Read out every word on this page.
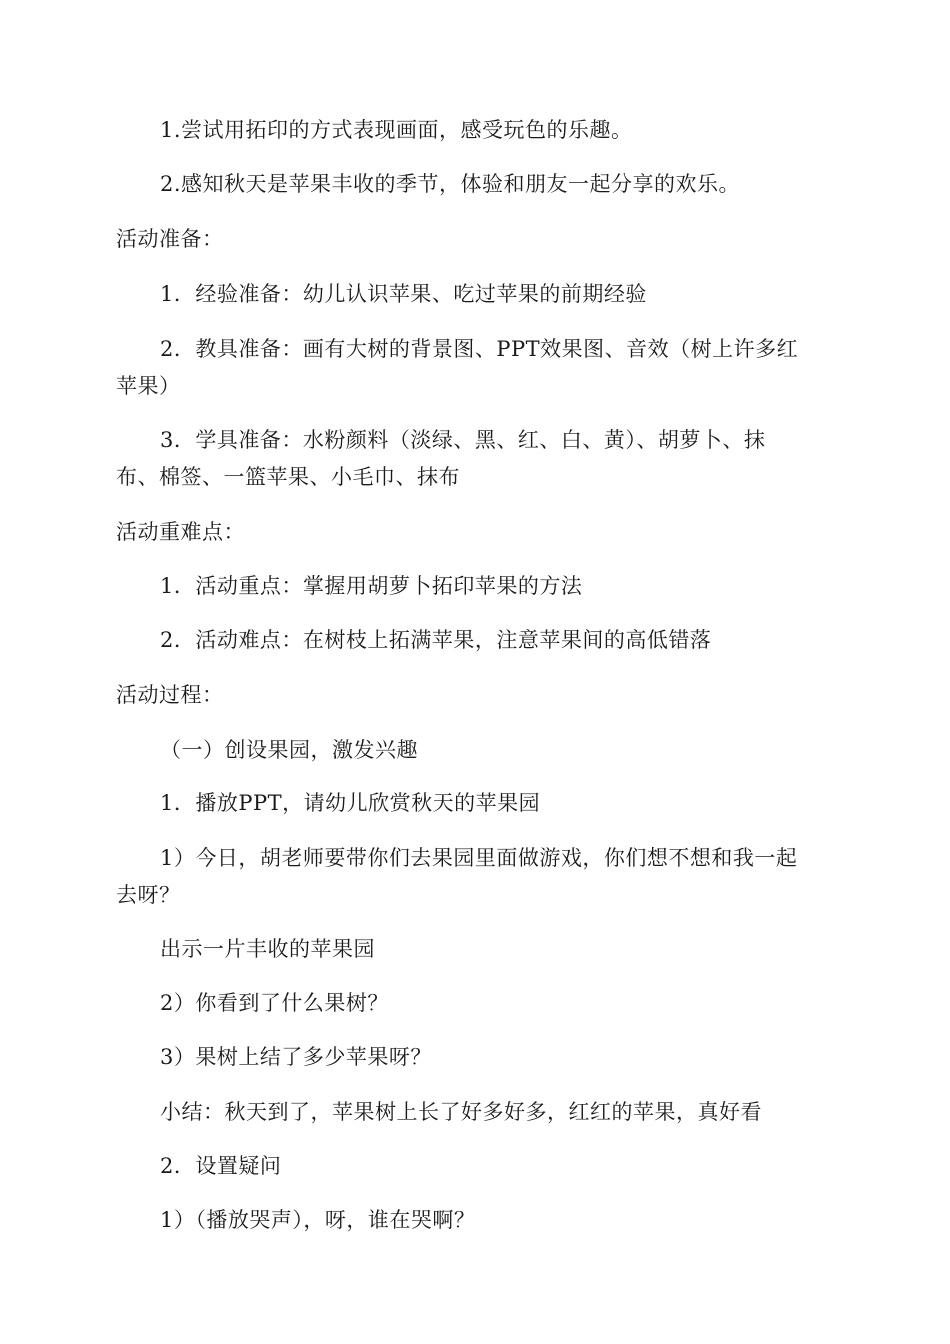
1.尝试用拓印的方式表现画面，感受玩色的乐趣。
2.感知秋天是苹果丰收的季节，体验和朋友一起分享的欢乐。
活动准备：
1．经验准备：幼儿认识苹果、吃过苹果的前期经验
2．教具准备：画有大树的背景图、PPT效果图、音效（树上许多红
苹果）
3．学具准备：水粉颜料（淡绿、黑、红、白、黄）、胡萝卜、抹
布、棉签、一篮苹果、小毛巾、抹布
活动重难点：
1．活动重点：掌握用胡萝卜拓印苹果的方法
2．活动难点：在树枝上拓满苹果，注意苹果间的高低错落
活动过程：
（一）创设果园，激发兴趣
1．播放PPT，请幼儿欣赏秋天的苹果园
1）今日，胡老师要带你们去果园里面做游戏，你们想不想和我一起
去呀？
出示一片丰收的苹果园
2）你看到了什么果树？
3）果树上结了多少苹果呀？
小结：秋天到了，苹果树上长了好多好多，红红的苹果，真好看
2．设置疑问
1）（播放哭声），呀，谁在哭啊？
